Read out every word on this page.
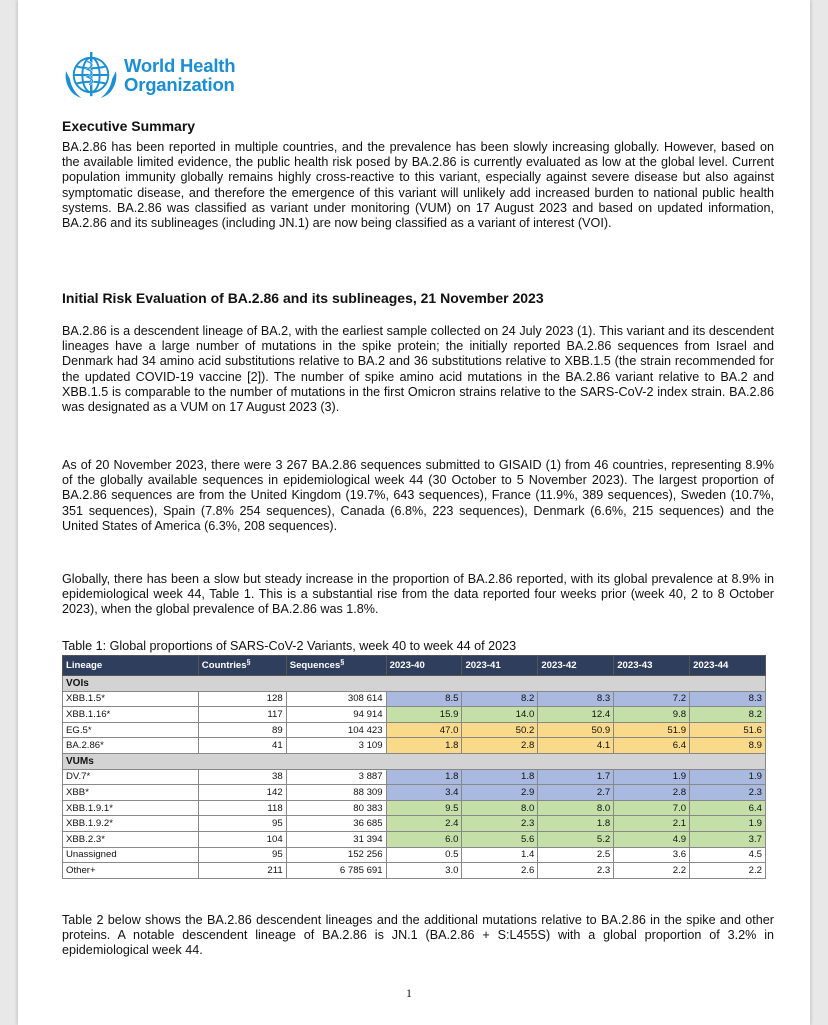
World Health
Organization
Executive Summary

BA.2.86 has been reported in multiple countries, and the prevalence has been slowly increasing globally. However, based on the available limited evidence, the public health risk posed by BA.2.86 is currently evaluated as low at the global level. Current population immunity globally remains highly cross-reactive to this variant, especially against severe disease but also against symptomatic disease, and therefore the emergence of this variant will unlikely add increased burden to national public health systems. BA.2.86 was classified as variant under monitoring (VUM) on 17 August 2023 and based on updated information, BA.2.86 and its sublineages (including JN.1) are now being classified as a variant of interest (VOI).

Initial Risk Evaluation of BA.2.86 and its sublineages, 21 November 2023

BA.2.86 is a descendent lineage of BA.2, with the earliest sample collected on 24 July 2023 (1). This variant and its descendent lineages have a large number of mutations in the spike protein; the initially reported BA.2.86 sequences from Israel and Denmark had 34 amino acid substitutions relative to BA.2 and 36 substitutions relative to XBB.1.5 (the strain recommended for the updated COVID-19 vaccine [2]). The number of spike amino acid mutations in the BA.2.86 variant relative to BA.2 and XBB.1.5 is comparable to the number of mutations in the first Omicron strains relative to the SARS-CoV-2 index strain. BA.2.86 was designated as a VUM on 17 August 2023 (3).

As of 20 November 2023, there were 3 267 BA.2.86 sequences submitted to GISAID (1) from 46 countries, representing 8.9% of the globally available sequences in epidemiological week 44 (30 October to 5 November 2023). The largest proportion of BA.2.86 sequences are from the United Kingdom (19.7%, 643 sequences), France (11.9%, 389 sequences), Sweden (10.7%, 351 sequences), Spain (7.8% 254 sequences), Canada (6.8%, 223 sequences), Denmark (6.6%, 215 sequences) and the United States of America (6.3%, 208 sequences).

Globally, there has been a slow but steady increase in the proportion of BA.2.86 reported, with its global prevalence at 8.9% in epidemiological week 44, Table 1. This is a substantial rise from the data reported four weeks prior (week 40, 2 to 8 October 2023), when the global prevalence of BA.2.86 was 1.8%.

Table 1: Global proportions of SARS-CoV-2 Variants, week 40 to week 44 of 2023
Lineage	Countries§	Sequences§	2023-40	2023-41	2023-42	2023-43	2023-44
VOIs							
XBB.1.5*	128	308 614	8.5	8.2	8.3	7.2	8.3
XBB.1.16*	117	94 914	15.9	14.0	12.4	9.8	8.2
EG.5*	89	104 423	47.0	50.2	50.9	51.9	51.6
BA.2.86*	41	3 109	1.8	2.8	4.1	6.4	8.9
VUMs							
DV.7*	38	3 887	1.8	1.8	1.7	1.9	1.9
XBB*	142	88 309	3.4	2.9	2.7	2.8	2.3
XBB.1.9.1*	118	80 383	9.5	8.0	8.0	7.0	6.4
XBB.1.9.2*	95	36 685	2.4	2.3	1.8	2.1	1.9
XBB.2.3*	104	31 394	6.0	5.6	5.2	4.9	3.7
Unassigned	95	152 256	0.5	1.4	2.5	3.6	4.5
Other+	211	6 785 691	3.0	2.6	2.3	2.2	2.2

Table 2 below shows the BA.2.86 descendent lineages and the additional mutations relative to BA.2.86 in the spike and other proteins. A notable descendent lineage of BA.2.86 is JN.1 (BA.2.86 + S:L455S) with a global proportion of 3.2% in epidemiological week 44.

1
